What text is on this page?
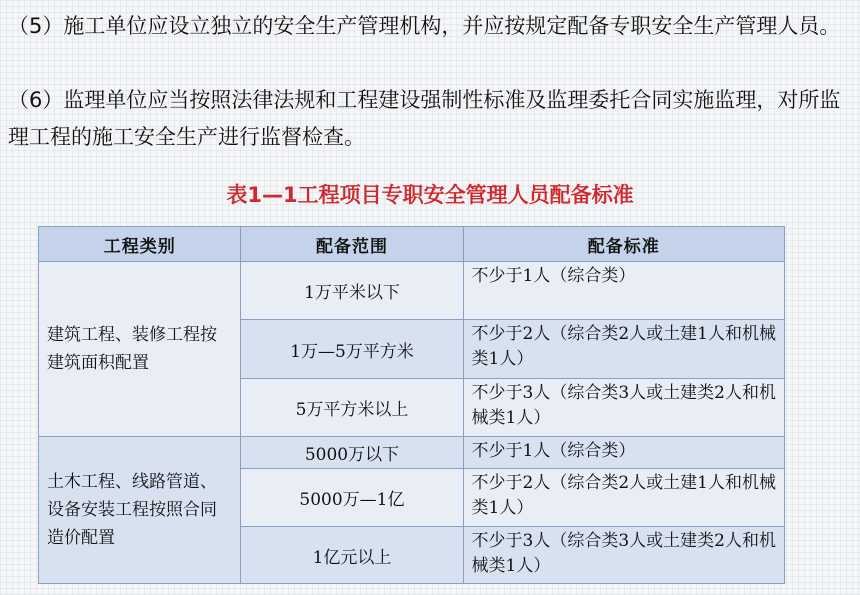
（5）施工单位应设立独立的安全生产管理机构，并应按规定配备专职安全生产管理人员。

（6）监理单位应当按照法律法规和工程建设强制性标准及监理委托合同实施监理，对所监理工程的施工安全生产进行监督检查。

表1—1工程项目专职安全管理人员配备标准
工程类别	配备范围	配备标准
建筑工程、装修工程按建筑面积配置	1万平米以下	不少于1人（综合类）
	1万—5万平方米	不少于2人（综合类2人或土建1人和机械类1人）
	5万平方米以上	不少于3人（综合类3人或土建类2人和机械类1人）
土木工程、线路管道、设备安装工程按照合同造价配置	5000万以下	不少于1人（综合类）
	5000万—1亿	不少于2人（综合类2人或土建1人和机械类1人）
	1亿元以上	不少于3人（综合类3人或土建类2人和机械类1人）
